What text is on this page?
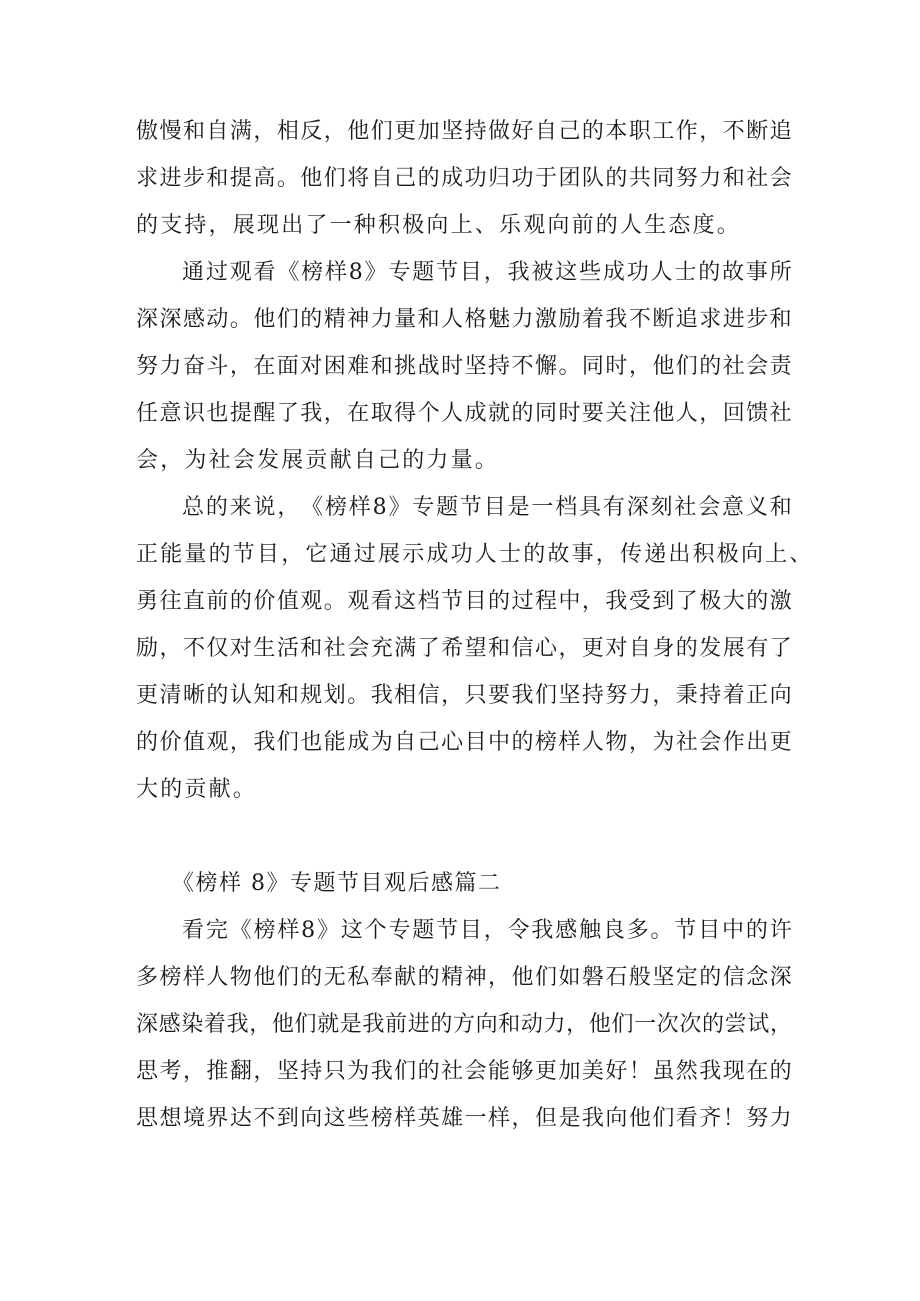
傲 慢 和 自 满 ， 相 反 ， 他 们 更 加 坚 持 做 好 自 己 的 本 职 工 作 ， 不 断 追
求 进 步 和 提 高 。 他 们 将 自 己 的 成 功 归 功 于 团 队 的 共 同 努 力 和 社 会
的支持，展现出了一种积极向上、乐观向前的人生态度。
通 过 观 看 《 榜 样 8 》 专 题 节 目 ， 我 被 这 些 成 功 人 士 的 故 事 所
深 深 感 动 。 他 们 的 精 神 力 量 和 人 格 魅 力 激 励 着 我 不 断 追 求 进 步 和
努 力 奋 斗 ， 在 面 对 困 难 和 挑 战 时 坚 持 不 懈 。 同 时 ， 他 们 的 社 会 责
任 意 识 也 提 醒 了 我 ， 在 取 得 个 人 成 就 的 同 时 要 关 注 他 人 ， 回 馈 社
会，为社会发展贡献自己的力量。
总 的 来 说 ， 《 榜 样 8 》 专 题 节 目 是 一 档 具 有 深 刻 社 会 意 义 和
正能量的节目，它通过展示成功人士的故事，传递出积极向上、
勇 往 直 前 的 价 值 观 。 观 看 这 档 节 目 的 过 程 中 ， 我 受 到 了 极 大 的 激
励 ， 不 仅 对 生 活 和 社 会 充 满 了 希 望 和 信 心 ， 更 对 自 身 的 发 展 有 了
更 清 晰 的 认 知 和 规 划 。 我 相 信 ， 只 要 我 们 坚 持 努 力 ， 秉 持 着 正 向
的 价 值 观 ， 我 们 也 能 成 为 自 己 心 目 中 的 榜 样 人 物 ， 为 社 会 作 出 更
大的贡献。
《榜样 8》专题节目观后感篇二
看 完 《 榜 样 8 》 这 个 专 题 节 目 ， 令 我 感 触 良 多 。 节 目 中 的 许
多 榜 样 人 物 他 们 的 无 私 奉 献 的 精 神 ， 他 们 如 磐 石 般 坚 定 的 信 念 深
深 感 染 着 我 ， 他 们 就 是 我 前 进 的 方 向 和 动 力 ， 他 们 一 次 次 的 尝 试 ，
思 考 ， 推 翻 ， 坚 持 只 为 我 们 的 社 会 能 够 更 加 美 好 ！ 虽 然 我 现 在 的
思 想 境 界 达 不 到 向 这 些 榜 样 英 雄 一 样 ， 但 是 我 向 他 们 看 齐 ！ 努 力
